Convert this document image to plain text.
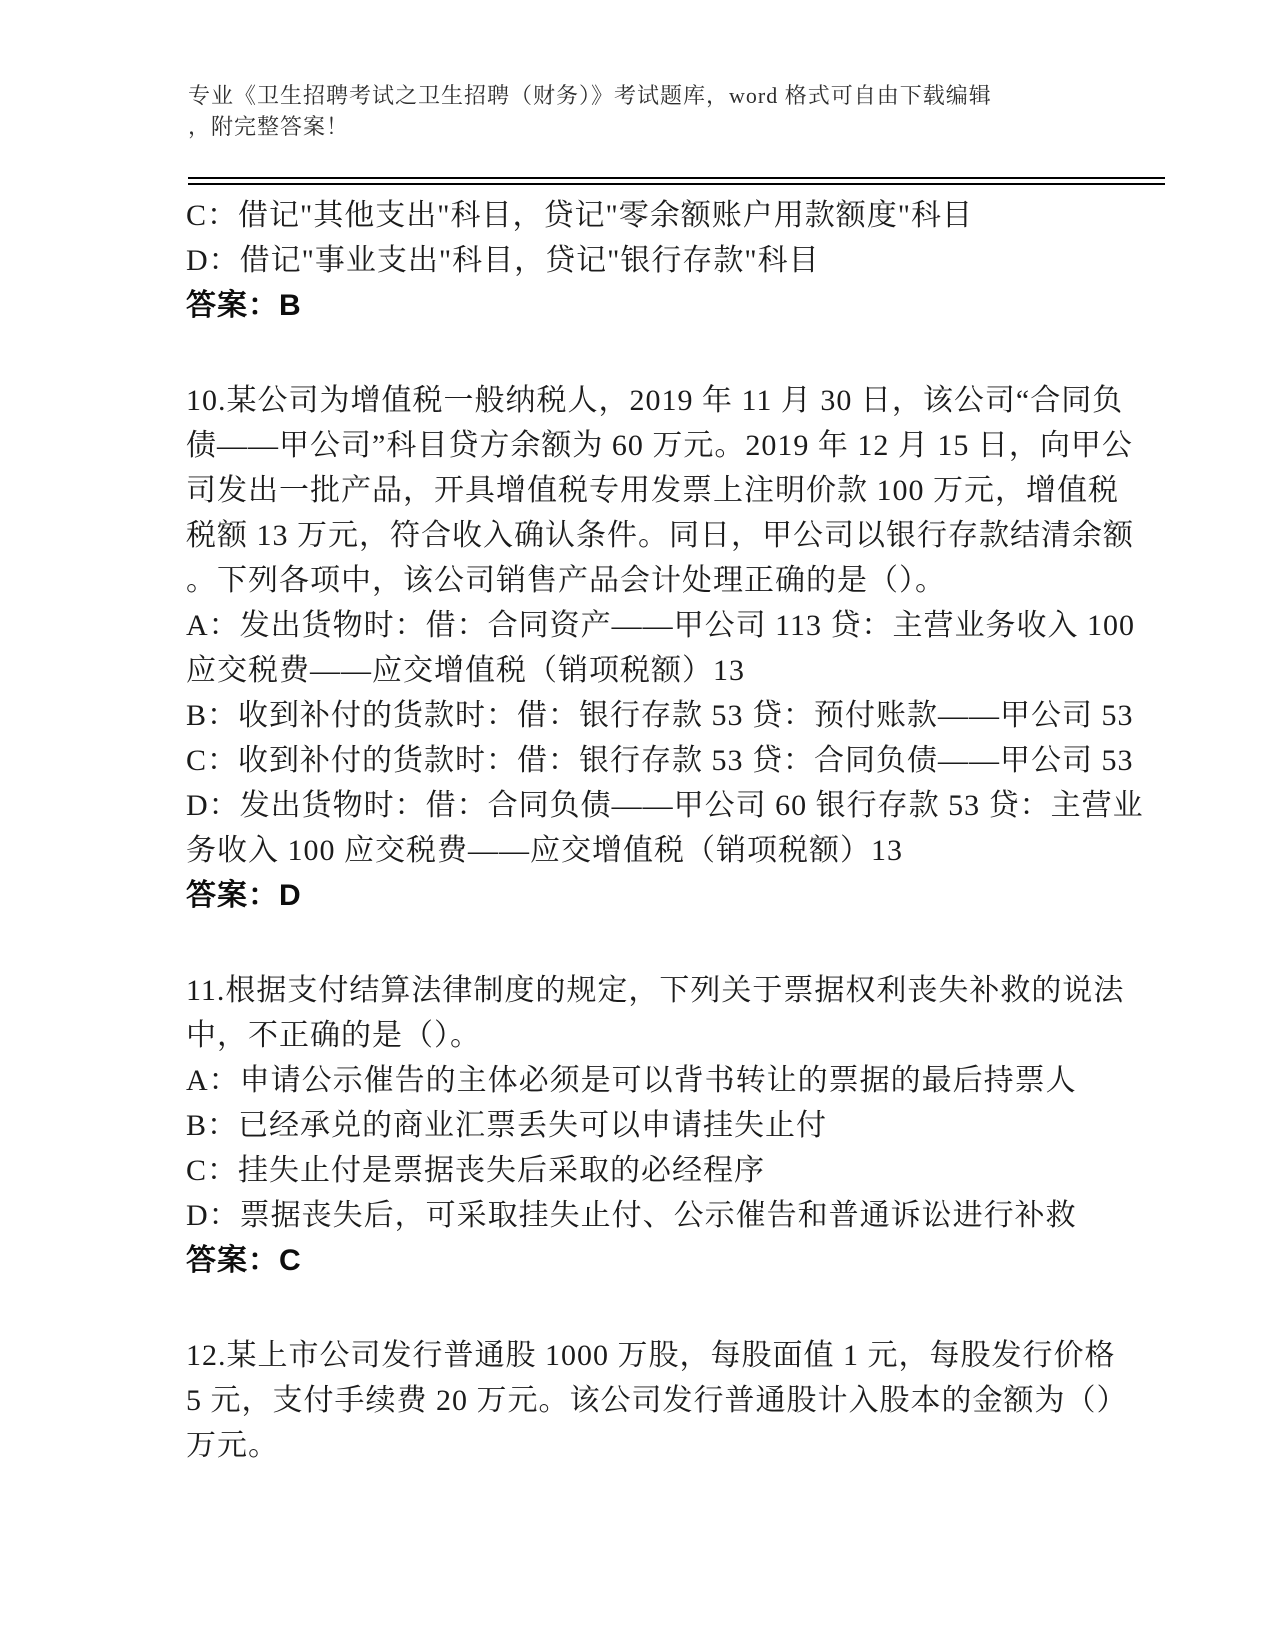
专业《卫生招聘考试之卫生招聘（财务）》考试题库，word 格式可自由下载编辑
，附完整答案！
C：借记"其他支出"科目，贷记"零余额账户用款额度"科目
D：借记"事业支出"科目，贷记"银行存款"科目
答案：B
10.某公司为增值税一般纳税人，2019 年 11 月 30 日，该公司“合同负
债——甲公司”科目贷方余额为 60 万元。2019 年 12 月 15 日，向甲公
司发出一批产品，开具增值税专用发票上注明价款 100 万元，增值税
税额 13 万元，符合收入确认条件。同日，甲公司以银行存款结清余额
。下列各项中，该公司销售产品会计处理正确的是（）。
A：发出货物时：借：合同资产——甲公司 113 贷：主营业务收入 100
应交税费——应交增值税（销项税额）13
B：收到补付的货款时：借：银行存款 53 贷：预付账款——甲公司 53
C：收到补付的货款时：借：银行存款 53 贷：合同负债——甲公司 53
D：发出货物时：借：合同负债——甲公司 60 银行存款 53 贷：主营业
务收入 100 应交税费——应交增值税（销项税额）13
答案：D
11.根据支付结算法律制度的规定，下列关于票据权利丧失补救的说法
中，不正确的是（）。
A：申请公示催告的主体必须是可以背书转让的票据的最后持票人
B：已经承兑的商业汇票丢失可以申请挂失止付
C：挂失止付是票据丧失后采取的必经程序
D：票据丧失后，可采取挂失止付、公示催告和普通诉讼进行补救
答案：C
12.某上市公司发行普通股 1000 万股，每股面值 1 元，每股发行价格
5 元，支付手续费 20 万元。该公司发行普通股计入股本的金额为（）
万元。
